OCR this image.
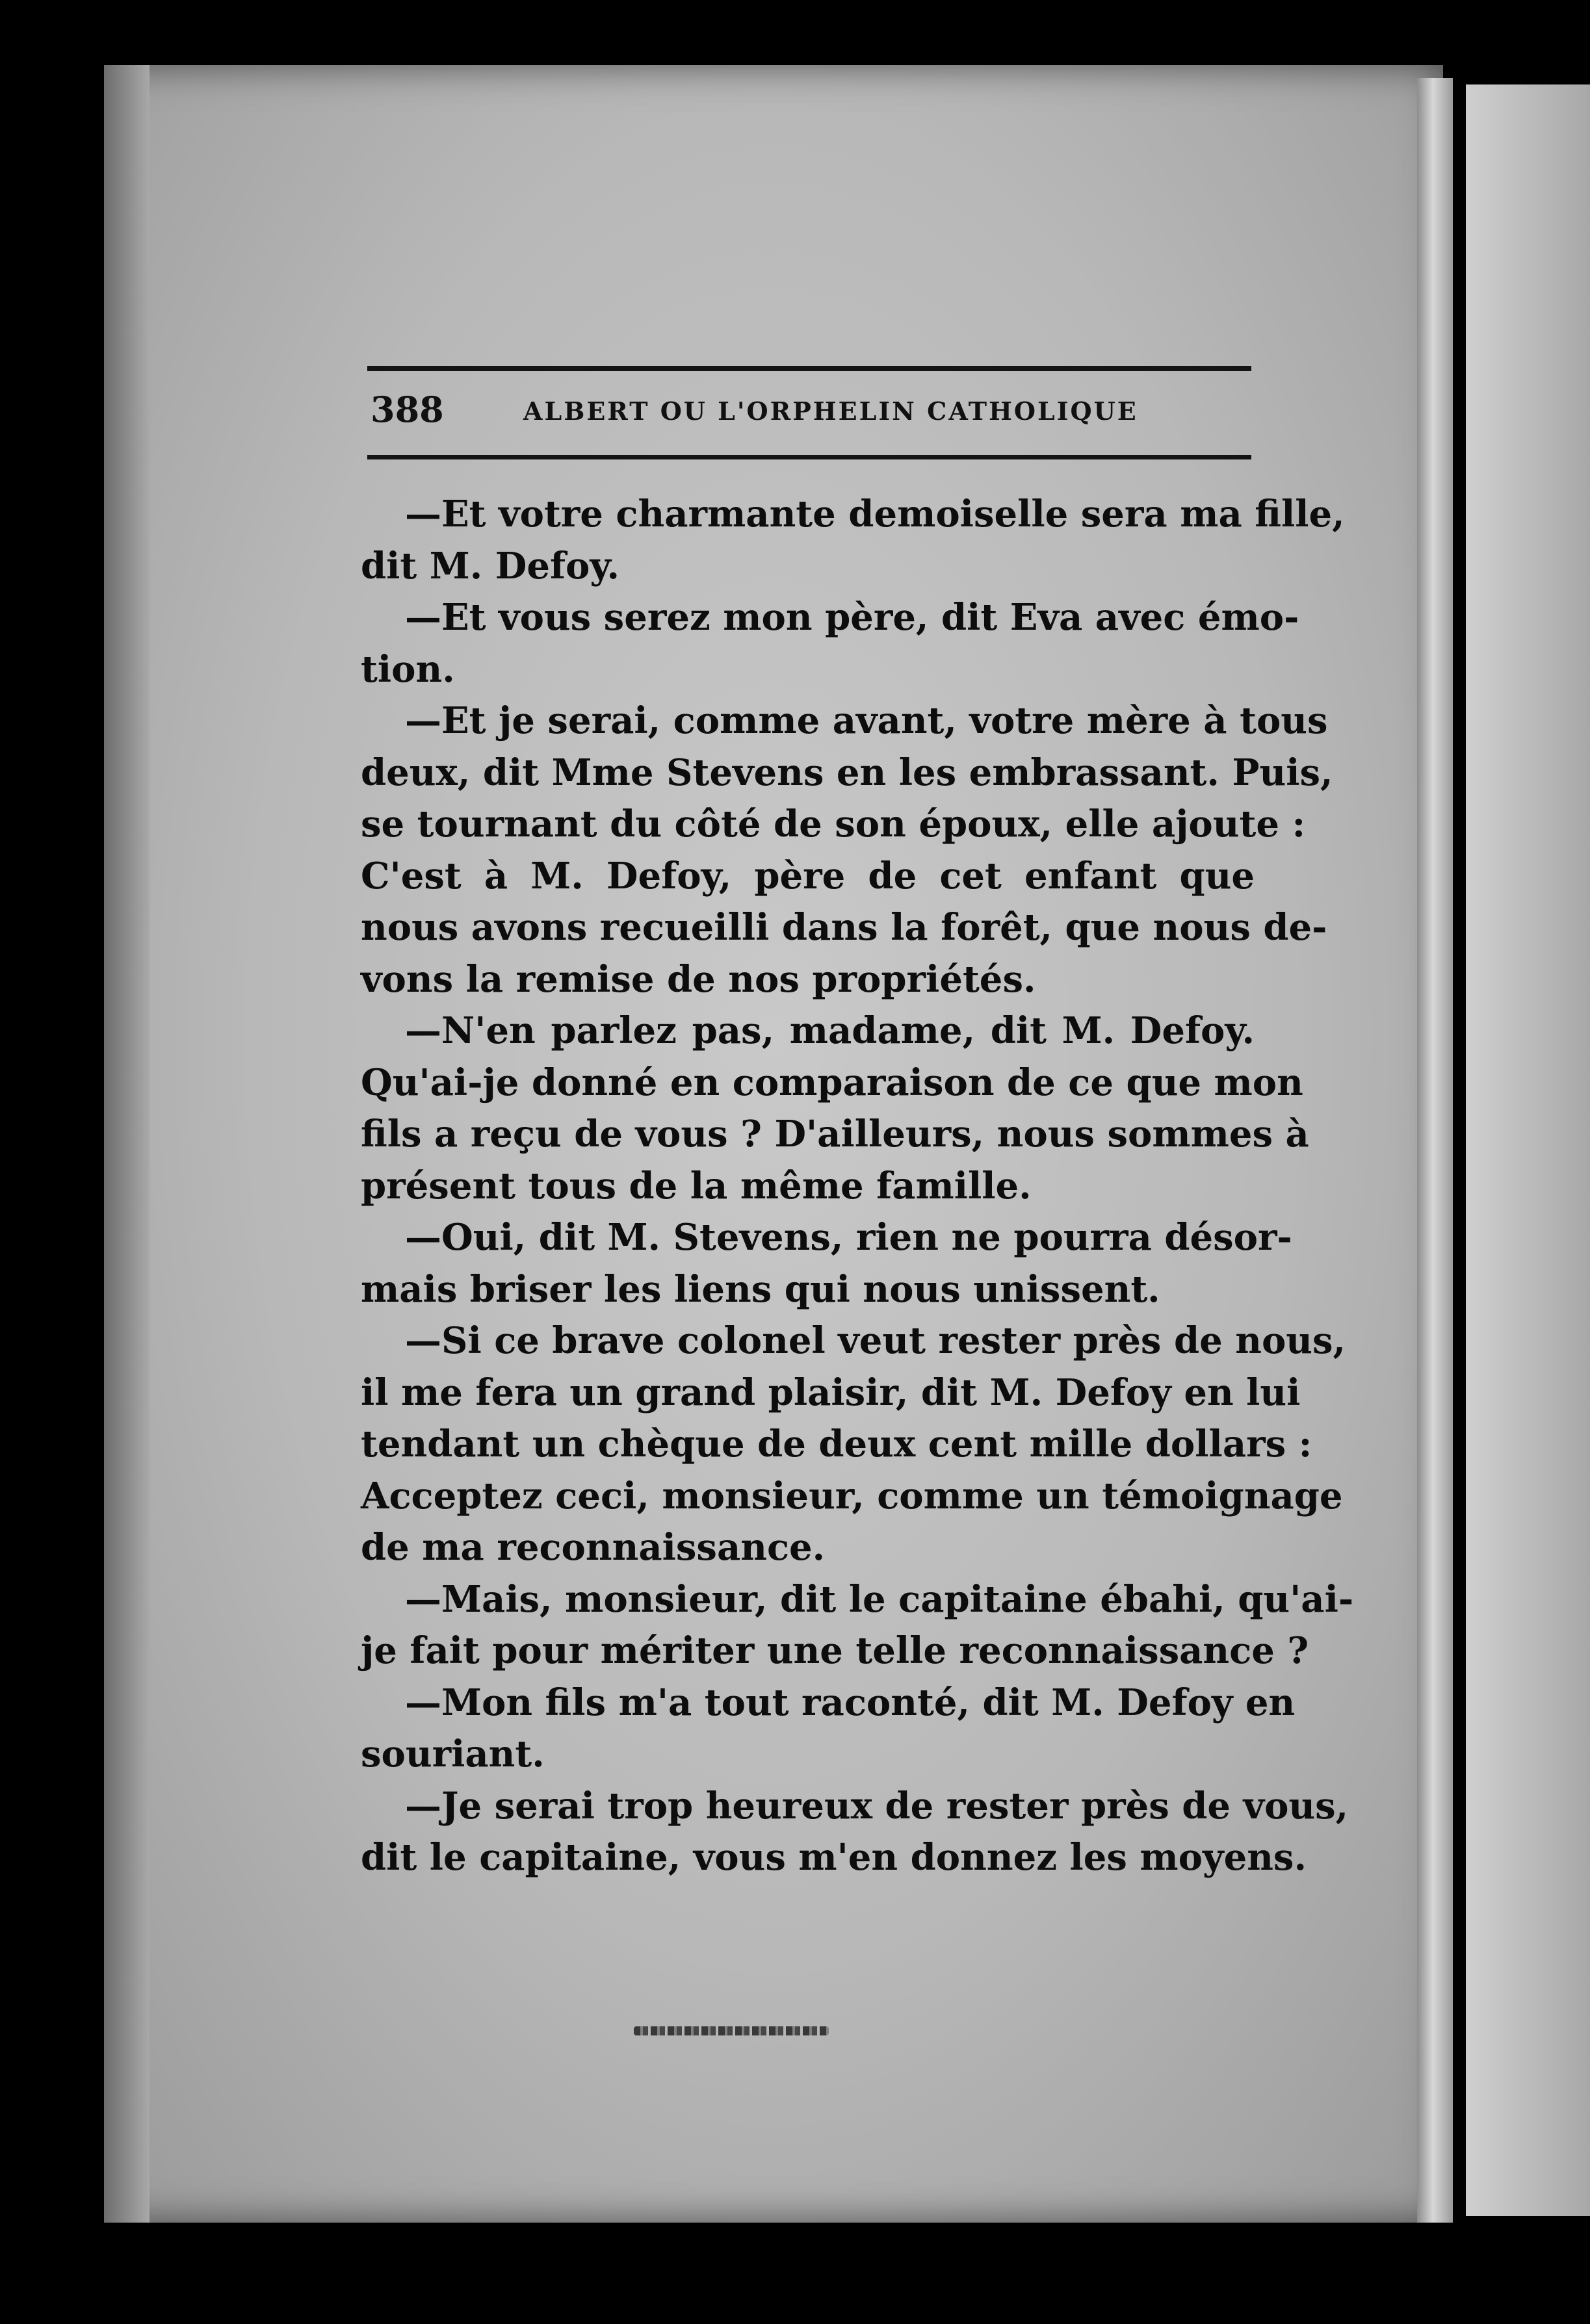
388	ALBERT OU L'ORPHELIN CATHOLIQUE
—Et votre charmante demoiselle sera ma fille,
dit M. Defoy.
—Et vous serez mon père, dit Eva avec émo-
tion.
—Et je serai, comme avant, votre mère à tous
deux, dit Mme Stevens en les embrassant. Puis,
se tournant du côté de son époux, elle ajoute :
C'est à M. Defoy, père de cet enfant que
nous avons recueilli dans la forêt, que nous de-
vons la remise de nos propriétés.
—N'en parlez pas, madame, dit M. Defoy.
Qu'ai-je donné en comparaison de ce que mon
fils a reçu de vous ? D'ailleurs, nous sommes à
présent tous de la même famille.
—Oui, dit M. Stevens, rien ne pourra désor-
mais briser les liens qui nous unissent.
—Si ce brave colonel veut rester près de nous,
il me fera un grand plaisir, dit M. Defoy en lui
tendant un chèque de deux cent mille dollars :
Acceptez ceci, monsieur, comme un témoignage
de ma reconnaissance.
—Mais, monsieur, dit le capitaine ébahi, qu'ai-
je fait pour mériter une telle reconnaissance ?
—Mon fils m'a tout raconté, dit M. Defoy en
souriant.
—Je serai trop heureux de rester près de vous,
dit le capitaine, vous m'en donnez les moyens.
